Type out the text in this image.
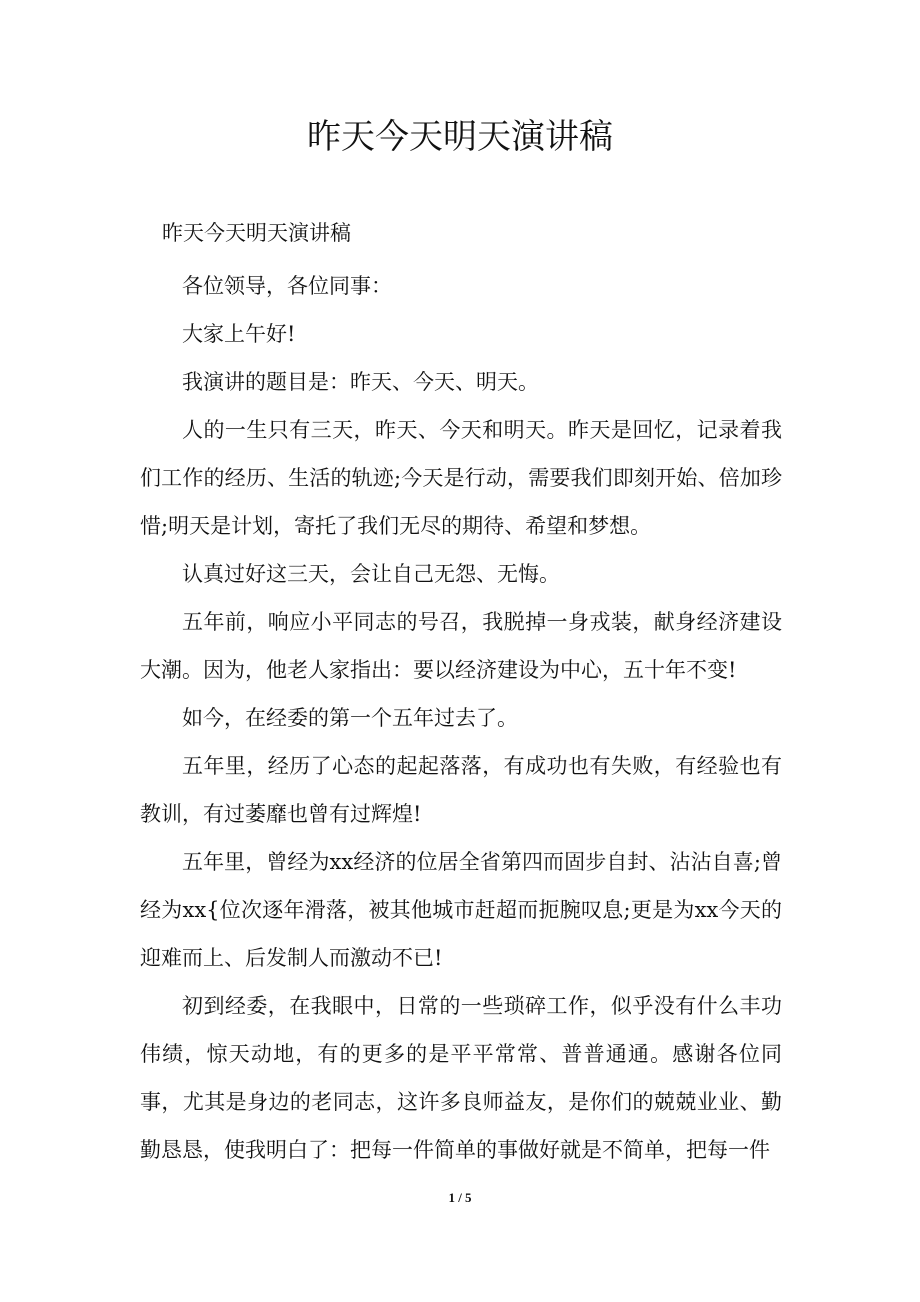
昨天今天明天演讲稿
昨天今天明天演讲稿

各位领导，各位同事：

大家上午好!

我演讲的题目是：昨天、今天、明天。

人的一生只有三天，昨天、今天和明天。昨天是回忆，记录着我们工作的经历、生活的轨迹;今天是行动，需要我们即刻开始、倍加珍惜;明天是计划，寄托了我们无尽的期待、希望和梦想。

认真过好这三天，会让自己无怨、无悔。

五年前，响应小平同志的号召，我脱掉一身戎装，献身经济建设大潮。因为，他老人家指出：要以经济建设为中心，五十年不变!

如今，在经委的第一个五年过去了。

五年里，经历了心态的起起落落，有成功也有失败，有经验也有教训，有过萎靡也曾有过辉煌!

五年里，曾经为xx经济的位居全省第四而固步自封、沾沾自喜;曾经为xx{位次逐年滑落，被其他城市赶超而扼腕叹息;更是为xx今天的迎难而上、后发制人而激动不已!

初到经委，在我眼中，日常的一些琐碎工作，似乎没有什么丰功伟绩，惊天动地，有的更多的是平平常常、普普通通。感谢各位同事，尤其是身边的老同志，这许多良师益友，是你们的兢兢业业、勤勤恳恳，使我明白了：把每一件简单的事做好就是不简单，把每一件

1 / 5
